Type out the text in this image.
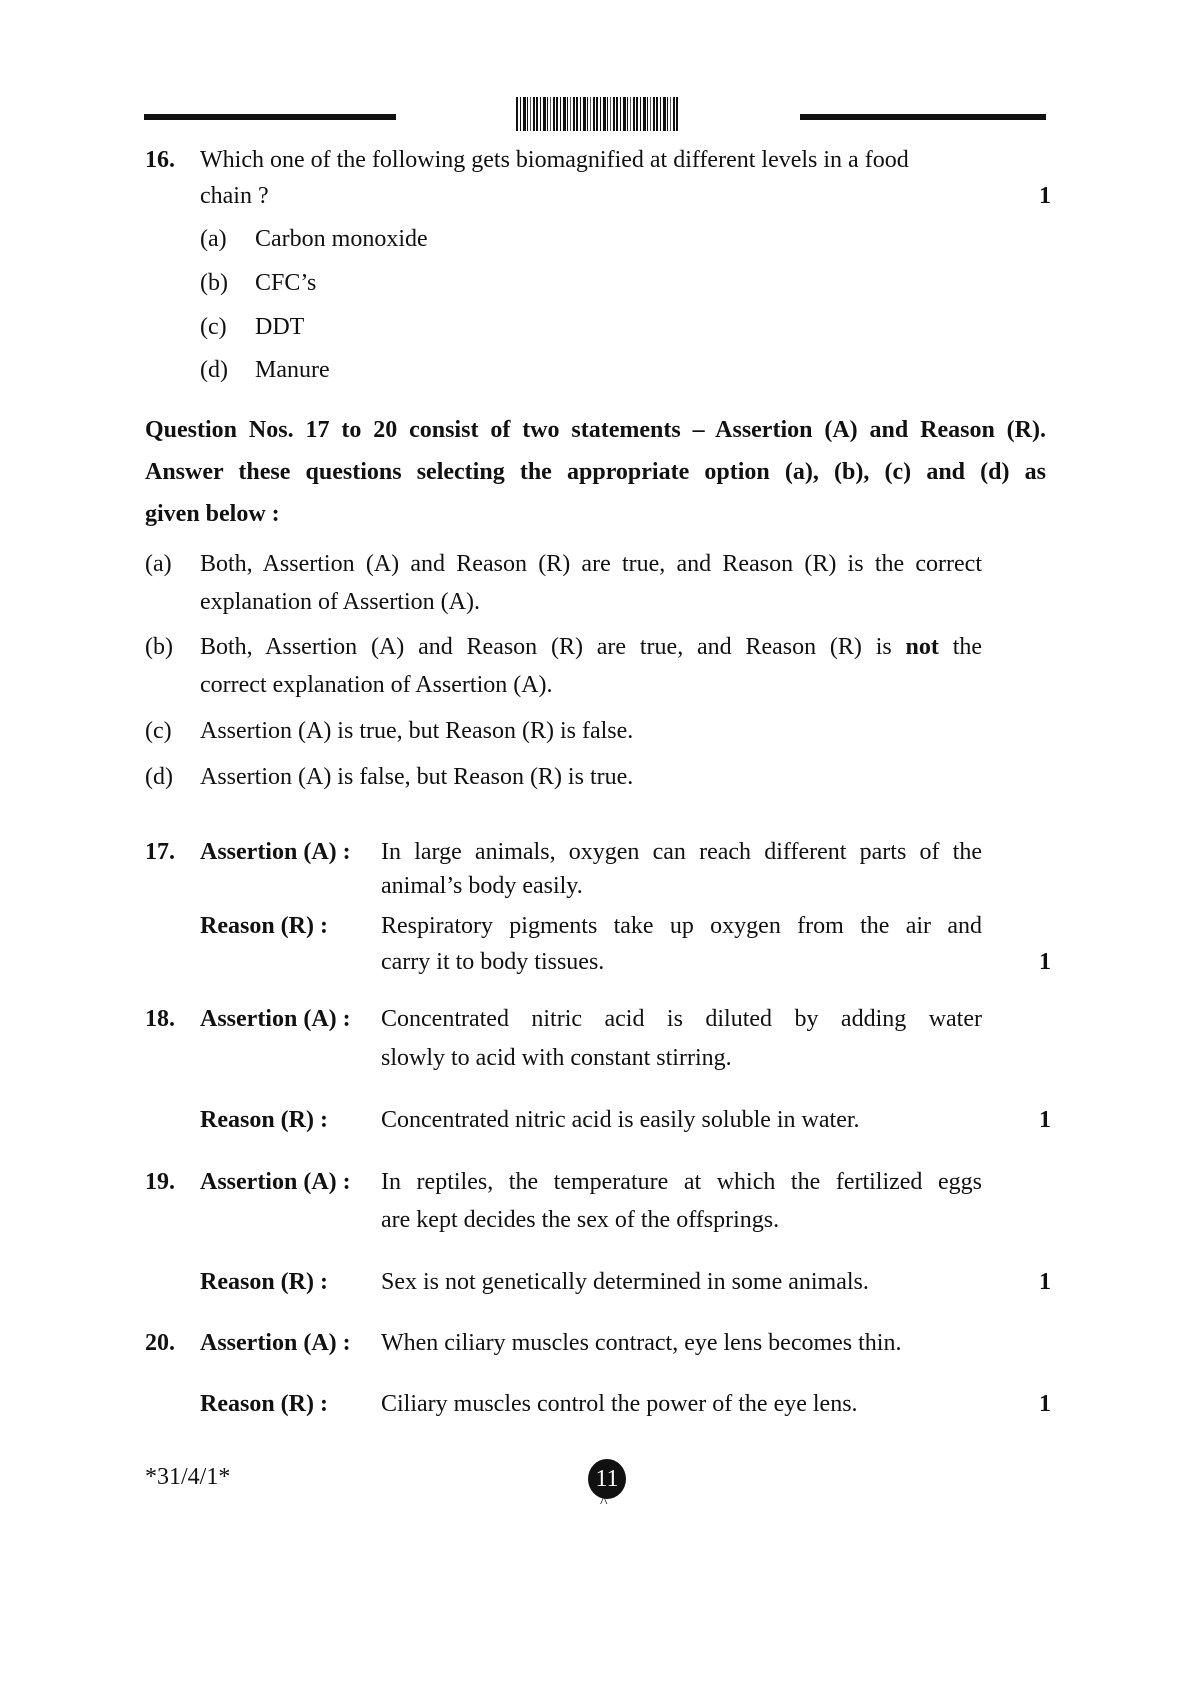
16. Which one of the following gets biomagnified at different levels in a food
chain ?	1
(a) Carbon monoxide
(b) CFC’s
(c) DDT
(d) Manure
Question Nos. 17 to 20 consist of two statements – Assertion (A) and Reason (R).
Answer these questions selecting the appropriate option (a), (b), (c) and (d) as
given below :
(a) Both, Assertion (A) and Reason (R) are true, and Reason (R) is the correct
explanation of Assertion (A).
(b) Both, Assertion (A) and Reason (R) are true, and Reason (R) is not the
correct explanation of Assertion (A).
(c) Assertion (A) is true, but Reason (R) is false.
(d) Assertion (A) is false, but Reason (R) is true.
17. Assertion (A) : In large animals, oxygen can reach different parts of the
animal’s body easily.
Reason (R) : Respiratory pigments take up oxygen from the air and
carry it to body tissues.	1
18. Assertion (A) : Concentrated nitric acid is diluted by adding water
slowly to acid with constant stirring.
Reason (R) : Concentrated nitric acid is easily soluble in water.	1
19. Assertion (A) : In reptiles, the temperature at which the fertilized eggs
are kept decides the sex of the offsprings.
Reason (R) : Sex is not genetically determined in some animals.	1
20. Assertion (A) : When ciliary muscles contract, eye lens becomes thin.
Reason (R) : Ciliary muscles control the power of the eye lens.	1
*31/4/1*	11
^
